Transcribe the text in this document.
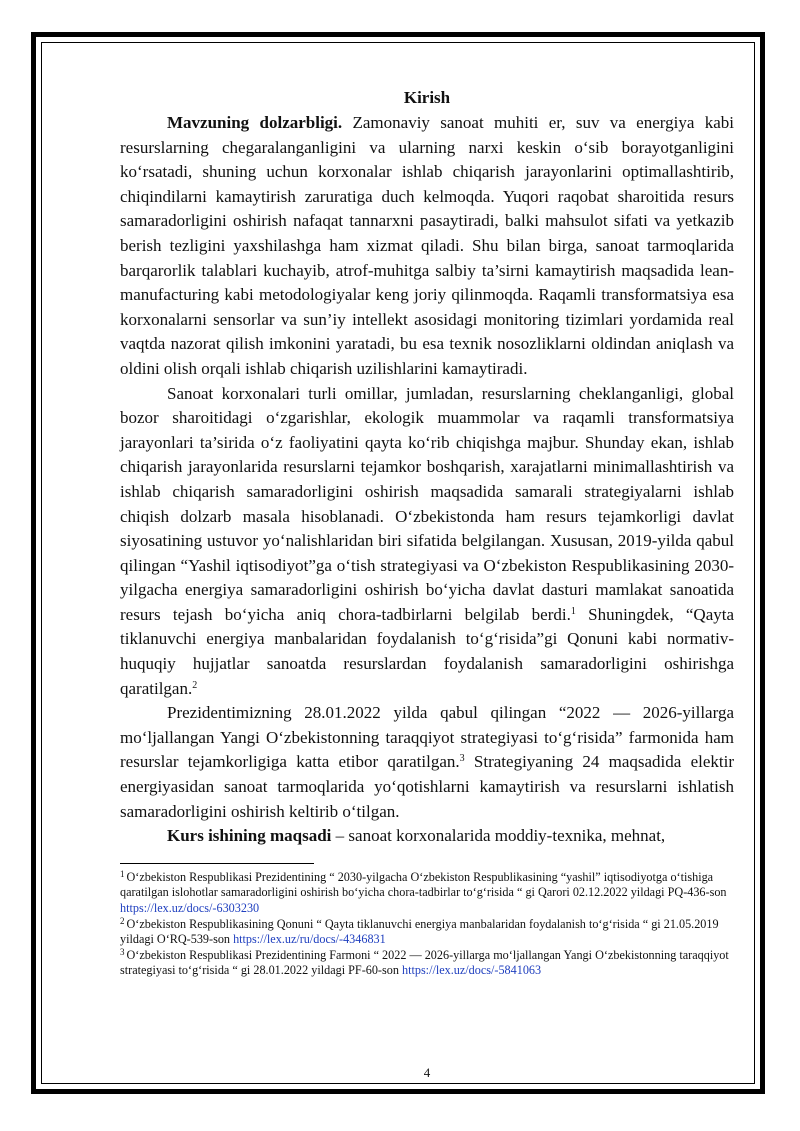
Kirish

Mavzuning dolzarbligi. Zamonaviy sanoat muhiti er, suv va energiya kabi resurslarning chegaralanganligini va ularning narxi keskin o‘sib borayotganligini ko‘rsatadi, shuning uchun korxonalar ishlab chiqarish jarayonlarini optimallashtirib, chiqindilarni kamaytirish zaruratiga duch kelmoqda. Yuqori raqobat sharoitida resurs samaradorligini oshirish nafaqat tannarxni pasaytiradi, balki mahsulot sifati va yetkazib berish tezligini yaxshilashga ham xizmat qiladi. Shu bilan birga, sanoat tarmoqlarida barqarorlik talablari kuchayib, atrof-muhitga salbiy ta’sirni kamaytirish maqsadida lean-manufacturing kabi metodologiyalar keng joriy qilinmoqda. Raqamli transformatsiya esa korxonalarni sensorlar va sun’iy intellekt asosidagi monitoring tizimlari yordamida real vaqtda nazorat qilish imkonini yaratadi, bu esa texnik nosozliklarni oldindan aniqlash va oldini olish orqali ishlab chiqarish uzilishlarini kamaytiradi.

Sanoat korxonalari turli omillar, jumladan, resurslarning cheklanganligi, global bozor sharoitidagi o‘zgarishlar, ekologik muammolar va raqamli transformatsiya jarayonlari ta’sirida o‘z faoliyatini qayta ko‘rib chiqishga majbur. Shunday ekan, ishlab chiqarish jarayonlarida resurslarni tejamkor boshqarish, xarajatlarni minimallashtirish va ishlab chiqarish samaradorligini oshirish maqsadida samarali strategiyalarni ishlab chiqish dolzarb masala hisoblanadi. O‘zbekistonda ham resurs tejamkorligi davlat siyosatining ustuvor yo‘nalishlaridan biri sifatida belgilangan. Xususan, 2019-yilda qabul qilingan “Yashil iqtisodiyot”ga o‘tish strategiyasi va O‘zbekiston Respublikasining 2030-yilgacha energiya samaradorligini oshirish bo‘yicha davlat dasturi mamlakat sanoatida resurs tejash bo‘yicha aniq chora-tadbirlarni belgilab berdi.$^1$ Shuningdek, “Qayta tiklanuvchi energiya manbalaridan foydalanish to‘g‘risida”gi Qonuni kabi normativ-huquqiy hujjatlar sanoatda resurslardan foydalanish samaradorligini oshirishga qaratilgan.$^2$

Prezidentimizning 28.01.2022 yilda qabul qilingan “2022 — 2026-yillarga mo‘ljallangan Yangi O‘zbekistonning taraqqiyot strategiyasi to‘g‘risida” farmonida ham resurslar tejamkorligiga katta etibor qaratilgan.$^3$ Strategiyaning 24 maqsadida elektir energiyasidan sanoat tarmoqlarida yo‘qotishlarni kamaytirish va resurslarni ishlatish samaradorligini oshirish keltirib o‘tilgan.

Kurs ishining maqsadi – sanoat korxonalarida moddiy-texnika, mehnat,

$^1$ O‘zbekiston Respublikasi Prezidentining “ 2030-yilgacha O‘zbekiston Respublikasining “yashil” iqtisodiyotga o‘tishiga qaratilgan islohotlar samaradorligini oshirish bo‘yicha chora-tadbirlar to‘g‘risida “ gi Qarori 02.12.2022 yildagi PQ-436-son https://lex.uz/docs/-6303230

$^2$ O‘zbekiston Respublikasining Qonuni “ Qayta tiklanuvchi energiya manbalaridan foydalanish to‘g‘risida “ gi 21.05.2019 yildagi O‘RQ-539-son https://lex.uz/ru/docs/-4346831

$^3$ O‘zbekiston Respublikasi Prezidentining Farmoni “ 2022 — 2026-yillarga mo‘ljallangan Yangi O‘zbekistonning taraqqiyot strategiyasi to‘g‘risida “ gi 28.01.2022 yildagi PF-60-son https://lex.uz/docs/-5841063

4
